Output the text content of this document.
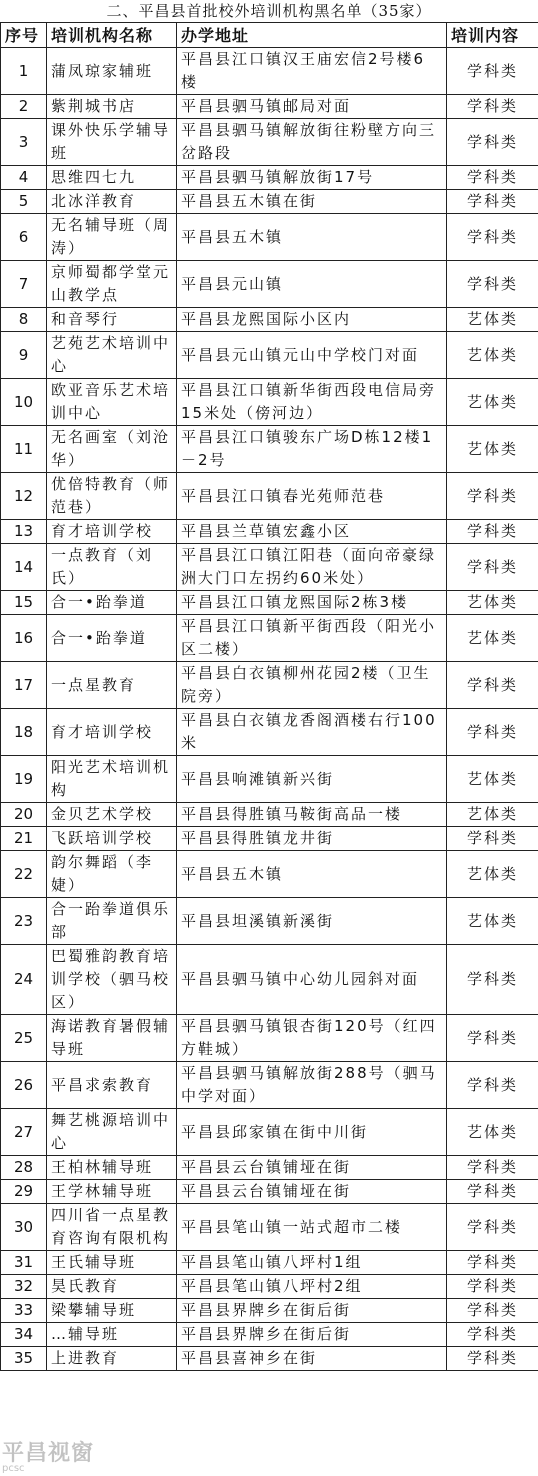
二、平昌县首批校外培训机构黑名单（35家）
序号	培训机构名称	办学地址	培训内容
1	蒲凤琼家辅班	平昌县江口镇汉王庙宏信2号楼6楼	学科类
2	紫荆城书店	平昌县驷马镇邮局对面	学科类
3	课外快乐学辅导班	平昌县驷马镇解放街往粉壁方向三岔路段	学科类
4	思维四七九	平昌县驷马镇解放街17号	学科类
5	北冰洋教育	平昌县五木镇在街	学科类
6	无名辅导班（周涛）	平昌县五木镇	学科类
7	京师蜀都学堂元山教学点	平昌县元山镇	学科类
8	和音琴行	平昌县龙熙国际小区内	艺体类
9	艺苑艺术培训中心	平昌县元山镇元山中学校门对面	艺体类
10	欧亚音乐艺术培训中心	平昌县江口镇新华街西段电信局旁15米处（傍河边）	艺体类
11	无名画室（刘沧华）	平昌县江口镇骏东广场D栋12楼1－2号	艺体类
12	优倍特教育（师范巷）	平昌县江口镇春光苑师范巷	学科类
13	育才培训学校	平昌县兰草镇宏鑫小区	学科类
14	一点教育（刘氏）	平昌县江口镇江阳巷（面向帝豪绿洲大门口左拐约60米处）	学科类
15	合一•跆拳道	平昌县江口镇龙熙国际2栋3楼	艺体类
16	合一•跆拳道	平昌县江口镇新平街西段（阳光小区二楼）	艺体类
17	一点星教育	平昌县白衣镇柳州花园2楼（卫生院旁）	学科类
18	育才培训学校	平昌县白衣镇龙香阁酒楼右行100米	学科类
19	阳光艺术培训机构	平昌县响滩镇新兴街	艺体类
20	金贝艺术学校	平昌县得胜镇马鞍街高品一楼	艺体类
21	飞跃培训学校	平昌县得胜镇龙井街	学科类
22	韵尔舞蹈（李婕）	平昌县五木镇	艺体类
23	合一跆拳道俱乐部	平昌县坦溪镇新溪街	艺体类
24	巴蜀雅韵教育培训学校（驷马校区）	平昌县驷马镇中心幼儿园斜对面	学科类
25	海诺教育暑假辅导班	平昌县驷马镇银杏街120号（红四方鞋城）	学科类
26	平昌求索教育	平昌县驷马镇解放街288号（驷马中学对面）	学科类
27	舞艺桃源培训中心	平昌县邱家镇在街中川街	艺体类
28	王柏林辅导班	平昌县云台镇铺垭在街	学科类
29	王学林辅导班	平昌县云台镇铺垭在街	学科类
30	四川省一点星教育咨询有限机构	平昌县笔山镇一站式超市二楼	学科类
31	王氏辅导班	平昌县笔山镇八坪村1组	学科类
32	昊氏教育	平昌县笔山镇八坪村2组	学科类
33	梁攀辅导班	平昌县界牌乡在街后街	学科类
34	…辅导班	平昌县界牌乡在街后街	学科类
35	上进教育	平昌县喜神乡在街	学科类
平昌视窗
pcsc
